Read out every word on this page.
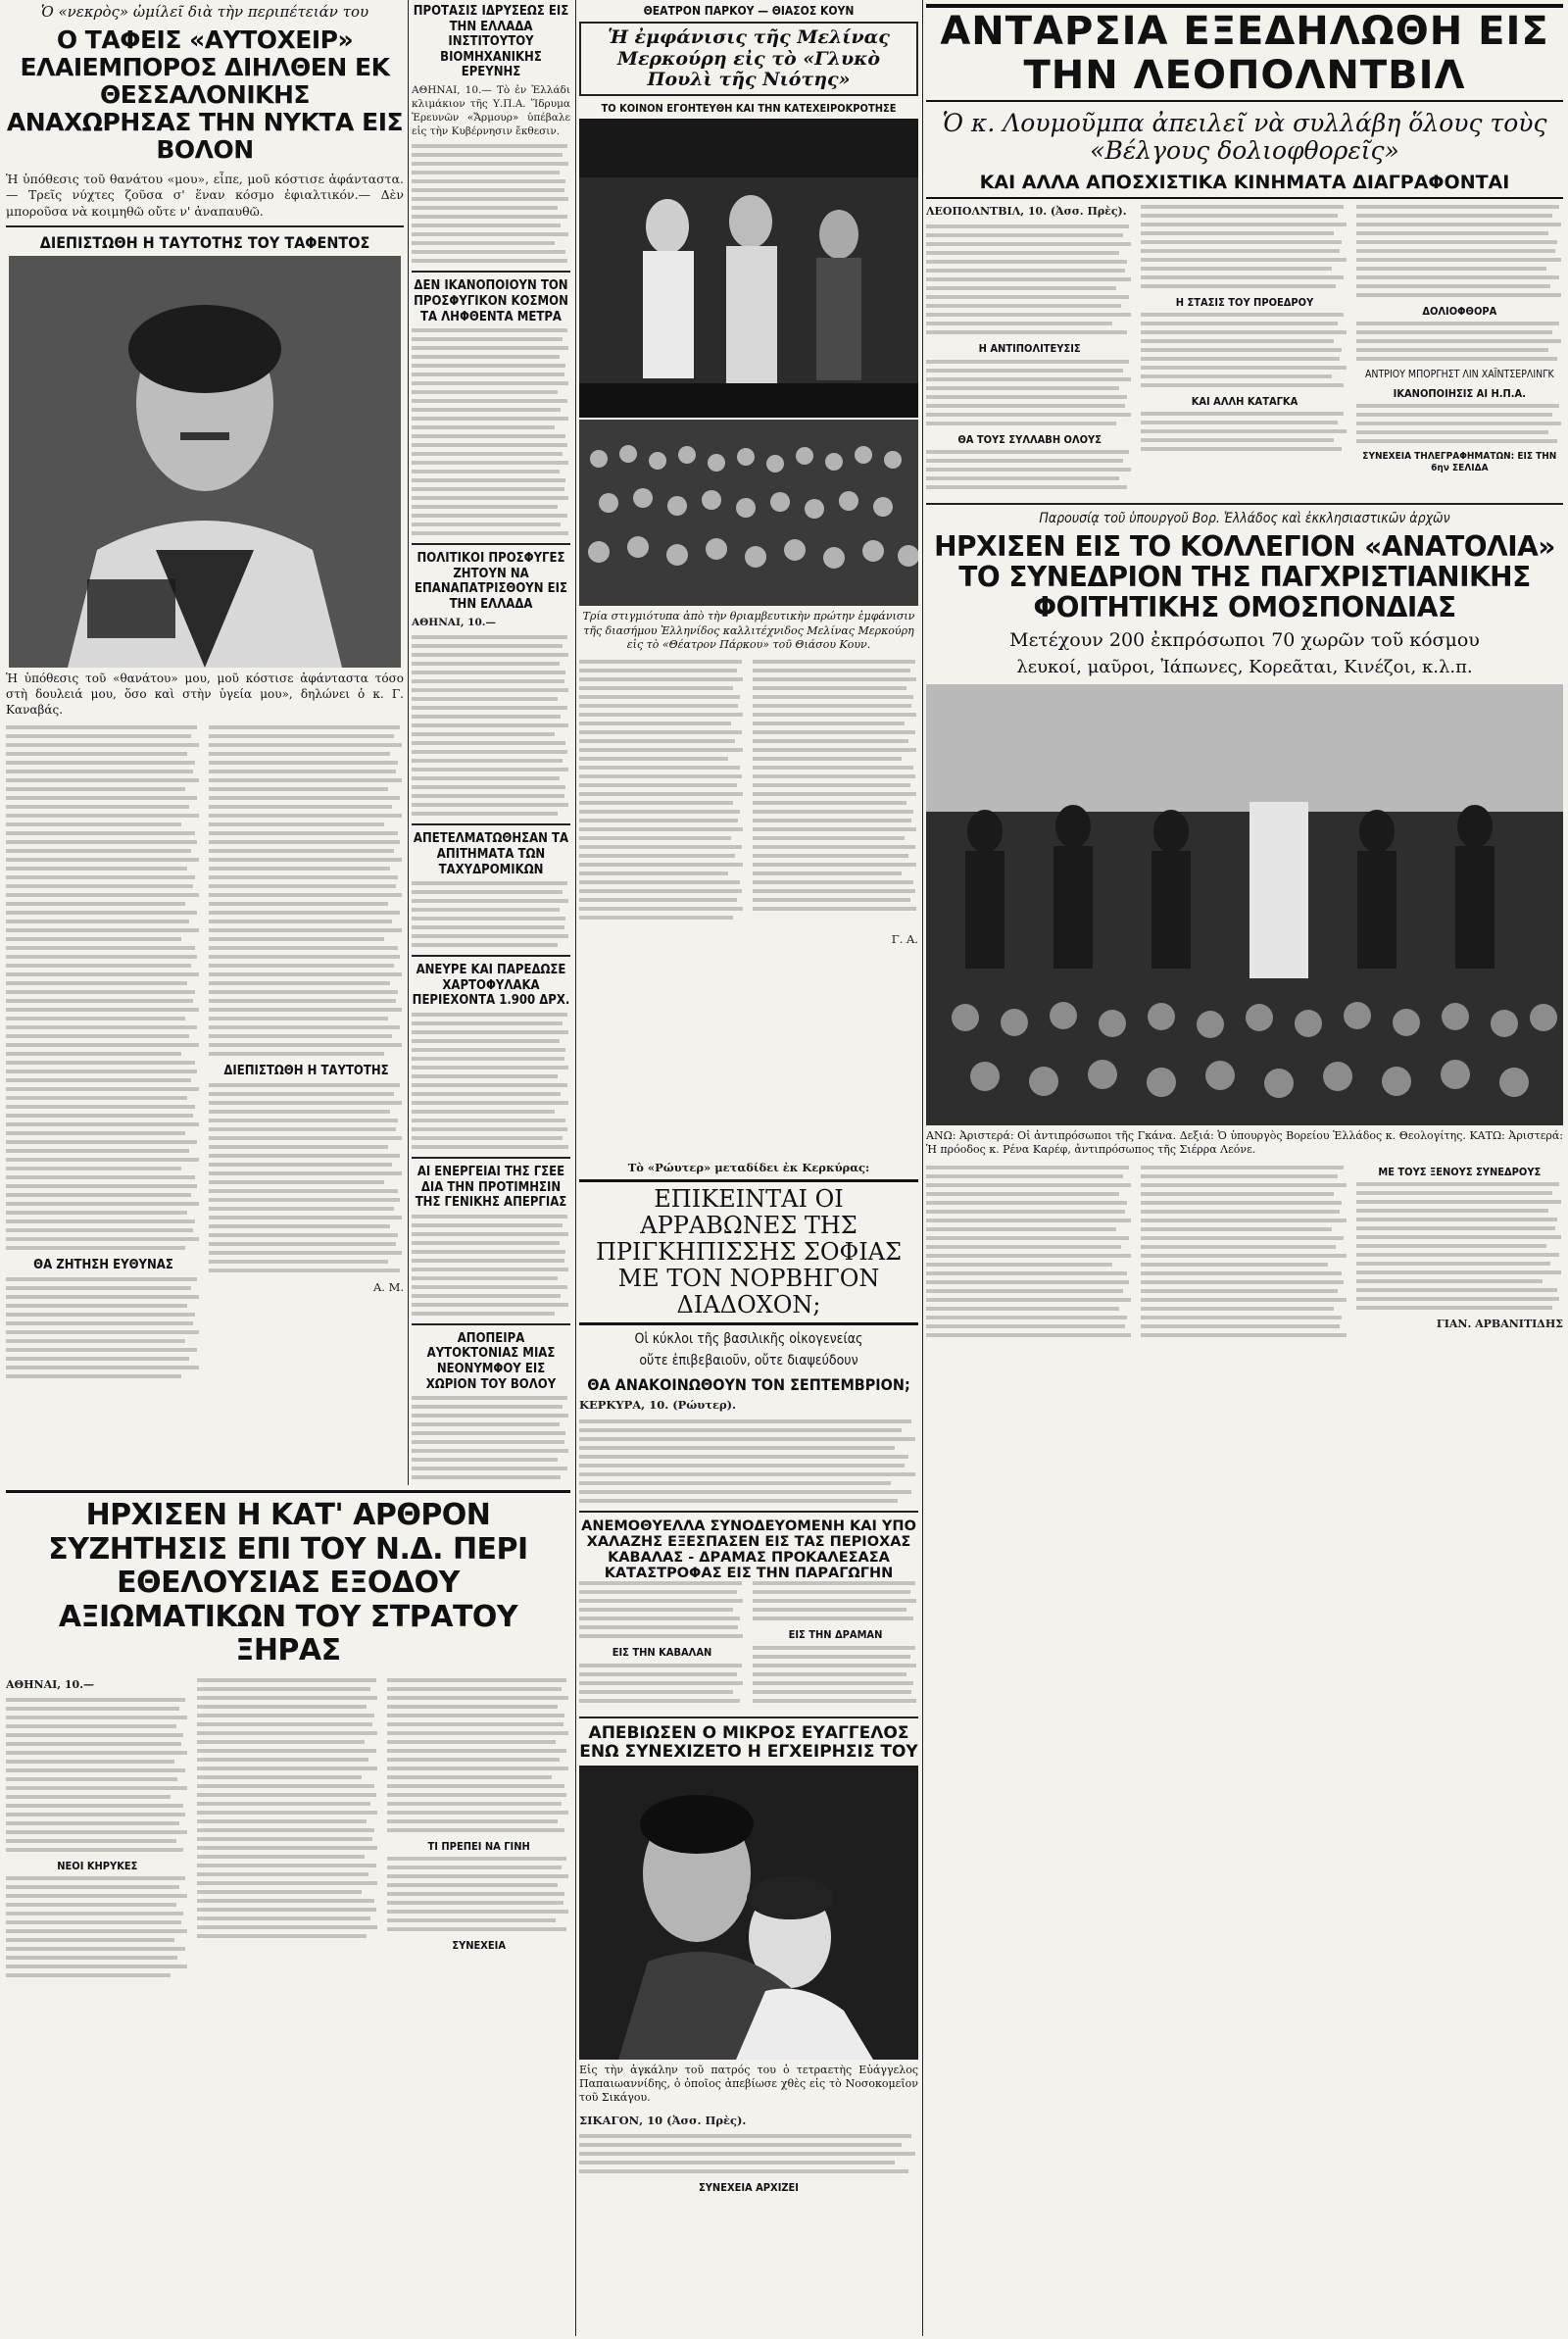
Ὁ «νεκρὸς» ὡμίλεῖ διὰ τὴν περιπέτειάν του

Ο ΤΑΦΕΙΣ «ΑΥΤΟΧΕΙΡ» ΕΛΑΙΕΜΠΟΡΟΣ ΔΙΗΛΘΕΝ ΕΚ ΘΕΣΣΑΛΟΝΙΚΗΣ ΑΝΑΧΩΡΗΣΑΣ ΤΗΝ ΝΥΚΤΑ ΕΙΣ ΒΟΛΟΝ

Ἡ ὑπόθεσις τοῦ θανάτου «μου», εἶπε, μοῦ κόστισε ἀφάνταστα.— Τρεῖς νύχτες ζοῦσα σ' ἕναν κόσμο ἐφιαλτικόν.— Δὲν μποροῦσα νὰ κοιμηθῶ οὔτε ν' ἀναπαυθῶ.

ΔΙΕΠΙΣΤΩΘΗ Η ΤΑΥΤΟΤΗΣ ΤΟΥ ΤΑΦΕΝΤΟΣ

Ἡ ὑπόθεσις τοῦ «θανάτου» μου, μοῦ κόστισε ἀφάνταστα τόσο στὴ δουλειά μου, ὅσο καὶ στὴν ὑγεία μου», δηλώνει ὁ κ. Γ. Καναβάς.

ΘΑ ΖΗΤΗΣΗ ΕΥΘΥΝΑΣ

ΔΙΕΠΙΣΤΩΘΗ Η ΤΑΥΤΟΤΗΣ

Α. Μ.

ΠΡΟΤΑΣΙΣ ΙΔΡΥΣΕΩΣ ΕΙΣ ΤΗΝ ΕΛΛΑΔΑ ΙΝΣΤΙΤΟΥΤΟΥ ΒΙΟΜΗΧΑΝΙΚΗΣ ΕΡΕΥΝΗΣ

ΑΘΗΝΑΙ, 10.— Τὸ ἐν Ἑλλάδι κλιμάκιον τῆς Υ.Π.Α. Ἵδρυμα Ἐρευνῶν «Ἄρμουρ» ὑπέβαλε εἰς τὴν Κυβέρνησιν ἔκθεσιν.

ΔΕΝ ΙΚΑΝΟΠΟΙΟΥΝ ΤΟΝ ΠΡΟΣΦΥΓΙΚΟΝ ΚΟΣΜΟΝ ΤΑ ΛΗΦΘΕΝΤΑ ΜΕΤΡΑ

ΠΟΛΙΤΙΚΟΙ ΠΡΟΣΦΥΓΕΣ ΖΗΤΟΥΝ ΝΑ ΕΠΑΝΑΠΑΤΡΙΣΘΟΥΝ ΕΙΣ ΤΗΝ ΕΛΛΑΔΑ

ΑΘΗΝΑΙ, 10.—

ΑΠΕΤΕΛΜΑΤΩΘΗΣΑΝ ΤΑ ΑΠΙΤΗΜΑΤΑ ΤΩΝ ΤΑΧΥΔΡΟΜΙΚΩΝ

ΑΝΕΥΡΕ ΚΑΙ ΠΑΡΕΔΩΣΕ ΧΑΡΤΟΦΥΛΑΚΑ ΠΕΡΙΕΧΟΝΤΑ 1.900 ΔΡΧ.

ΑΙ ΕΝΕΡΓΕΙΑΙ ΤΗΣ ΓΣΕΕ ΔΙΑ ΤΗΝ ΠΡΟΤΙΜΗΣΙΝ ΤΗΣ ΓΕΝΙΚΗΣ ΑΠΕΡΓΙΑΣ

ΑΠΟΠΕΙΡΑ ΑΥΤΟΚΤΟΝΙΑΣ ΜΙΑΣ ΝΕΟΝΥΜΦΟΥ ΕΙΣ ΧΩΡΙΟΝ ΤΟΥ ΒΟΛΟΥ

ΘΕΑΤΡΟΝ ΠΑΡΚΟΥ — ΘΙΑΣΟΣ ΚΟΥΝ

Ἡ ἐμφάνισις τῆς Μελίνας Μερκούρη εἰς τὸ «Γλυκὸ Πουλὶ τῆς Νιότης»

ΤΟ ΚΟΙΝΟΝ ΕΓΟΗΤΕΥΘΗ ΚΑΙ ΤΗΝ ΚΑΤΕΧΕΙΡΟΚΡΟΤΗΣΕ

Τρία στιγμιότυπα ἀπὸ τὴν θριαμβευτικὴν πρώτην ἐμφάνισιν τῆς διασήμου Ἑλληνίδος καλλιτέχνιδος Μελίνας Μερκούρη εἰς τὸ «Θέατρον Πάρκου» τοῦ Θιάσου Κουν.

Γ. Α.

Τὸ «Ρώυτερ» μεταδίδει ἐκ Κερκύρας:

ΕΠΙΚΕΙΝΤΑΙ ΟΙ ΑΡΡΑΒΩΝΕΣ ΤΗΣ ΠΡΙΓΚΗΠΙΣΣΗΣ ΣΟΦΙΑΣ ΜΕ ΤΟΝ ΝΟΡΒΗΓΟΝ ΔΙΑΔΟΧΟΝ;

Οἱ κύκλοι τῆς βασιλικῆς οἰκογενείας

οὔτε ἐπιβεβαιοῦν, οὔτε διαψεύδουν

ΘΑ ΑΝΑΚΟΙΝΩΘΟΥΝ ΤΟΝ ΣΕΠΤΕΜΒΡΙΟΝ;

ΚΕΡΚΥΡΑ, 10. (Ρώυτερ).

ΑΝΕΜΟΘΥΕΛΛΑ ΣΥΝΟΔΕΥΟΜΕΝΗ ΚΑΙ ΥΠΟ ΧΑΛΑΖΗΣ ΕΞΕΣΠΑΣΕΝ ΕΙΣ ΤΑΣ ΠΕΡΙΟΧΑΣ ΚΑΒΑΛΑΣ - ΔΡΑΜΑΣ ΠΡΟΚΑΛΕΣΑΣΑ ΚΑΤΑΣΤΡΟΦΑΣ ΕΙΣ ΤΗΝ ΠΑΡΑΓΩΓΗΝ

ΕΙΣ ΤΗΝ ΚΑΒΑΛΑΝ

ΕΙΣ ΤΗΝ ΔΡΑΜΑΝ

ΑΠΕΒΙΩΣΕΝ Ο ΜΙΚΡΟΣ ΕΥΑΓΓΕΛΟΣ ΕΝΩ ΣΥΝΕΧΙΖΕΤΟ Η ΕΓΧΕΙΡΗΣΙΣ ΤΟΥ

Εἰς τὴν ἀγκάλην τοῦ πατρός του ὁ τετραετὴς Εὐάγγελος Παπαιωαννίδης, ὁ ὁποῖος ἀπεβίωσε χθὲς εἰς τὸ Νοσοκομεῖον τοῦ Σικάγου.

ΣΙΚΑΓΟΝ, 10 (Ἀσσ. Πρὲς).

ΣΥΝΕΧΕΙΑ ΑΡΧΙΖΕΙ

ΑΝΤΑΡΣΙΑ ΕΞΕΔΗΛΩΘΗ ΕΙΣ ΤΗΝ ΛΕΟΠΟΛΝΤΒΙΛ
Ὁ κ. Λουμοῦμπα ἀπειλεῖ νὰ συλλάβη ὅλους τοὺς «Βέλγους δολιοφθορεῖς»
ΚΑΙ ΑΛΛΑ ΑΠΟΣΧΙΣΤΙΚΑ ΚΙΝΗΜΑΤΑ ΔΙΑΓΡΑΦΟΝΤΑΙ

ΛΕΟΠΟΛΝΤΒΙΛ, 10. (Ἀσσ. Πρὲς).

Η ΑΝΤΙΠΟΛΙΤΕΥΣΙΣ

ΘΑ ΤΟΥΣ ΣΥΛΛΑΒΗ ΟΛΟΥΣ

Η ΣΤΑΣΙΣ ΤΟΥ ΠΡΟΕΔΡΟΥ

ΚΑΙ ΑΛΛΗ ΚΑΤΑΓΚΑ

ΔΟΛΙΟΦΘΟΡΑ

ΑΝΤΡΙΟΥ ΜΠΟΡΓΗΣΤ ΛΙΝ ΧΑΪΝΤΣΕΡΛΙΝΓΚ

ΙΚΑΝΟΠΟΙΗΣΙΣ ΑΙ Η.Π.Α.

ΣΥΝΕΧΕΙΑ ΤΗΛΕΓΡΑΦΗΜΑΤΩΝ: ΕΙΣ ΤΗΝ 6ην ΣΕΛΙΔΑ

Παρουσίᾳ τοῦ ὑπουργοῦ Βορ. Ἑλλάδος καὶ ἐκκλησιαστικῶν ἀρχῶν

ΗΡΧΙΣΕΝ ΕΙΣ ΤΟ ΚΟΛΛΕΓΙΟΝ «ΑΝΑΤΟΛΙΑ» ΤΟ ΣΥΝΕΔΡΙΟΝ ΤΗΣ ΠΑΓΧΡΙΣΤΙΑΝΙΚΗΣ ΦΟΙΤΗΤΙΚΗΣ ΟΜΟΣΠΟΝΔΙΑΣ

Μετέχουν 200 ἐκπρόσωποι 70 χωρῶν τοῦ κόσμου

λευκοί, μαῦροι, Ἰάπωνες, Κορεᾶται, Κινέζοι, κ.λ.π.

ΑΝΩ: Ἀριστερά: Οἱ ἀντιπρόσωποι τῆς Γκάνα. Δεξιά: Ὁ ὑπουργὸς Βορείου Ἑλλάδος κ. Θεολογίτης. ΚΑΤΩ: Ἀριστερά: Ἡ πρόοδος κ. Ρένα Καρέφ, ἀντιπρόσωπος τῆς Σιέρρα Λεόνε.

ΜΕ ΤΟΥΣ ΞΕΝΟΥΣ ΣΥΝΕΔΡΟΥΣ

ΓΙΑΝ. ΑΡΒΑΝΙΤΙΔΗΣ

ΗΡΧΙΣΕΝ Η ΚΑΤ' ΑΡΘΡΟΝ ΣΥΖΗΤΗΣΙΣ ΕΠΙ ΤΟΥ Ν.Δ. ΠΕΡΙ ΕΘΕΛΟΥΣΙΑΣ ΕΞΟΔΟΥ ΑΞΙΩΜΑΤΙΚΩΝ ΤΟΥ ΣΤΡΑΤΟΥ ΞΗΡΑΣ

ΑΘΗΝΑΙ, 10.—

ΝΕΟΙ ΚΗΡΥΚΕΣ

ΤΙ ΠΡΕΠΕΙ ΝΑ ΓΙΝΗ

ΣΥΝΕΧΕΙΑ
